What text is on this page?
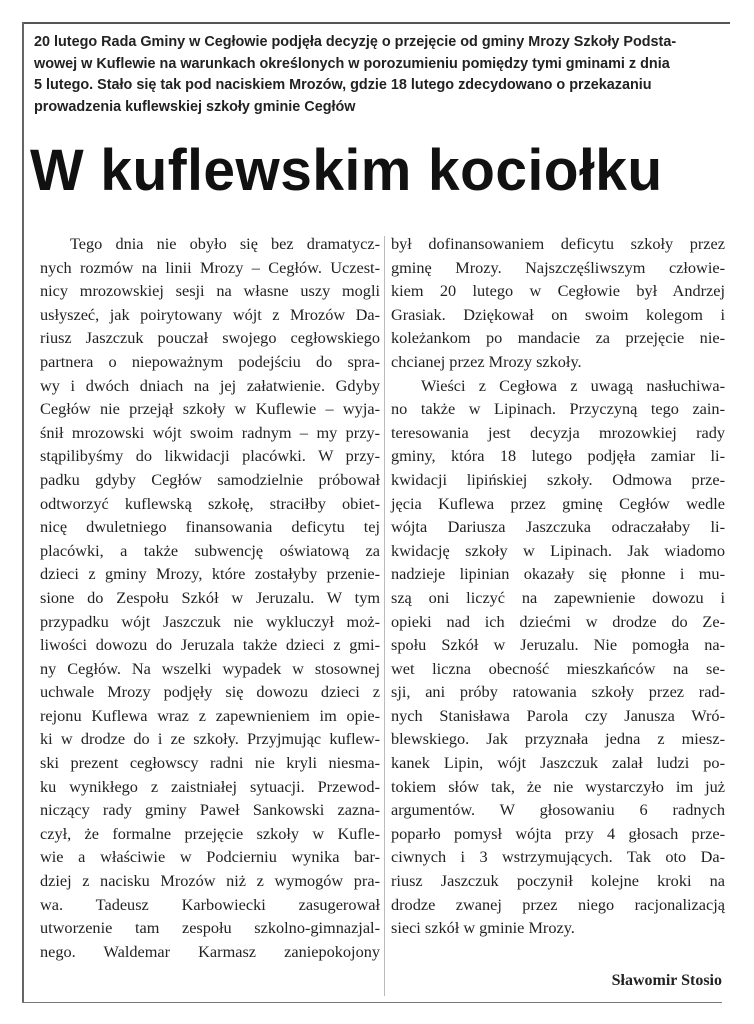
20 lutego Rada Gminy w Cegłowie podjęła decyzję o przejęcie od gminy Mrozy Szkoły Podsta-
wowej w Kuflewie na warunkach określonych w porozumieniu pomiędzy tymi gminami z dnia
5 lutego. Stało się tak pod naciskiem Mrozów, gdzie 18 lutego zdecydowano o przekazaniu
prowadzenia kuflewskiej szkoły gminie Cegłów
W kuflewskim kociołku
Tego dnia nie obyło się bez dramatycz-
nych rozmów na linii Mrozy – Cegłów. Uczest-
nicy mrozowskiej sesji na własne uszy mogli
usłyszeć, jak poirytowany wójt z Mrozów Da-
riusz Jaszczuk pouczał swojego cegłowskiego
partnera o niepoważnym podejściu do spra-
wy i dwóch dniach na jej załatwienie. Gdyby
Cegłów nie przejął szkoły w Kuflewie – wyja-
śnił mrozowski wójt swoim radnym – my przy-
stąpilibyśmy do likwidacji placówki. W przy-
padku gdyby Cegłów samodzielnie próbował
odtworzyć kuflewską szkołę, straciłby obiet-
nicę dwuletniego finansowania deficytu tej
placówki, a także subwencję oświatową za
dzieci z gminy Mrozy, które zostałyby przenie-
sione do Zespołu Szkół w Jeruzalu. W tym
przypadku wójt Jaszczuk nie wykluczył moż-
liwości dowozu do Jeruzala także dzieci z gmi-
ny Cegłów. Na wszelki wypadek w stosownej
uchwale Mrozy podjęły się dowozu dzieci z
rejonu Kuflewa wraz z zapewnieniem im opie-
ki w drodze do i ze szkoły. Przyjmując kuflew-
ski prezent cegłowscy radni nie kryli niesma-
ku wynikłego z zaistniałej sytuacji. Przewod-
niczący rady gminy Paweł Sankowski zazna-
czył, że formalne przejęcie szkoły w Kufle-
wie a właściwie w Podcierniu wynika bar-
dziej z nacisku Mrozów niż z wymogów pra-
wa. Tadeusz Karbowiecki zasugerował
utworzenie tam zespołu szkolno-gimnazjal-
nego. Waldemar Karmasz zaniepokojony
był dofinansowaniem deficytu szkoły przez
gminę Mrozy. Najszczęśliwszym człowie-
kiem 20 lutego w Cegłowie był Andrzej
Grasiak. Dziękował on swoim kolegom i
koleżankom po mandacie za przejęcie nie-
chcianej przez Mrozy szkoły.
Wieści z Cegłowa z uwagą nasłuchiwa-
no także w Lipinach. Przyczyną tego zain-
teresowania jest decyzja mrozowkiej rady
gminy, która 18 lutego podjęła zamiar li-
kwidacji lipińskiej szkoły. Odmowa prze-
jęcia Kuflewa przez gminę Cegłów wedle
wójta Dariusza Jaszczuka odraczałaby li-
kwidację szkoły w Lipinach. Jak wiadomo
nadzieje lipinian okazały się płonne i mu-
szą oni liczyć na zapewnienie dowozu i
opieki nad ich dziećmi w drodze do Ze-
społu Szkół w Jeruzalu. Nie pomogła na-
wet liczna obecność mieszkańców na se-
sji, ani próby ratowania szkoły przez rad-
nych Stanisława Parola czy Janusza Wró-
blewskiego. Jak przyznała jedna z miesz-
kanek Lipin, wójt Jaszczuk zalał ludzi po-
tokiem słów tak, że nie wystarczyło im już
argumentów. W głosowaniu 6 radnych
poparło pomysł wójta przy 4 głosach prze-
ciwnych i 3 wstrzymujących. Tak oto Da-
riusz Jaszczuk poczynił kolejne kroki na
drodze zwanej przez niego racjonalizacją
sieci szkół w gminie Mrozy.
Sławomir Stosio
